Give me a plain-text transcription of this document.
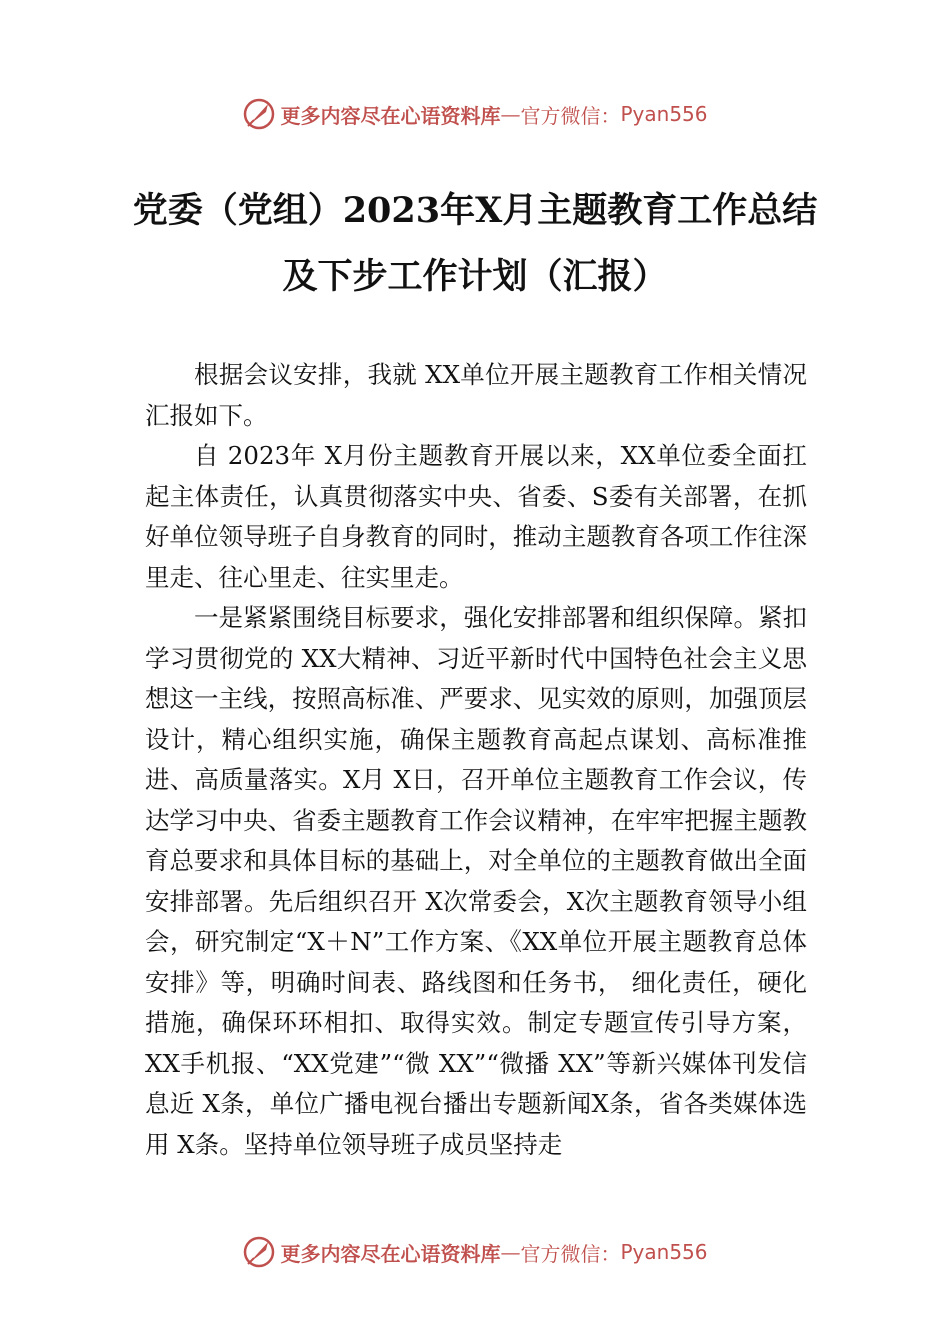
更多内容尽在心语资料库 — 官方微信： Pyan556
党委（党组）2023年X月主题教育工作总结及下步工作计划（汇报）

根据会议安排，我就 XX单位开展主题教育工作相关情况汇报如下。

自 2023年 X月份主题教育开展以来，XX单位委全面扛起主体责任，认真贯彻落实中央、省委、S委有关部署，在抓好单位领导班子自身教育的同时，推动主题教育各项工作往深里走、往心里走、往实里走。

一是紧紧围绕目标要求，强化安排部署和组织保障。紧扣学习贯彻党的 XX大精神、习近平新时代中国特色社会主义思想这一主线，按照高标准、严要求、见实效的原则，加强顶层设计，精心组织实施，确保主题教育高起点谋划、高标准推进、高质量落实。X月 X日，召开单位主题教育工作会议，传达学习中央、省委主题教育工作会议精神，在牢牢把握主题教育总要求和具体目标的基础上，对全单位的主题教育做出全面安排部署。先后组织召开 X次常委会，X次主题教育领导小组会，研究制定“X＋N”工作方案、《XX单位开展主题教育总体安排》等，明确时间表、路线图和任务书， 细化责任，硬化措施，确保环环相扣、取得实效。制定专题宣传引导方案，XX手机报、“XX党建”“微 XX”“微播 XX”等新兴媒体刊发信息近 X条，单位广播电视台播出专题新闻X条，省各类媒体选用 X条。坚持单位领导班子成员坚持走

更多内容尽在心语资料库 — 官方微信： Pyan556
